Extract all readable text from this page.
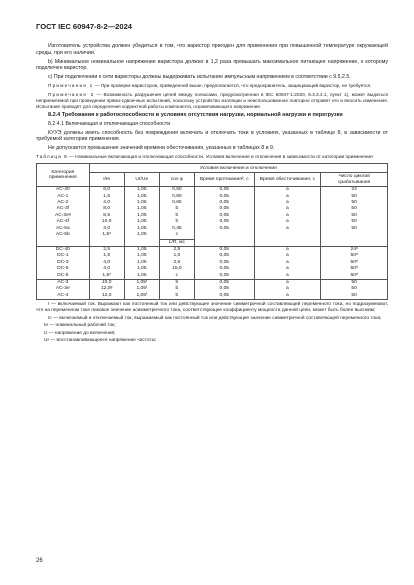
ГОСТ IEC 60947-8-2—2024

Изготовитель устройства должен убедиться в том, что варистор пригоден для применения при повышенной температуре окружающей среды, при его наличии.

b) Минимальное номинальное напряжение варистора должно в 1,2 раза превышать максимальное питающее напряжение, к которому подключен варистор.

c) При подключении к сети варисторы должны выдерживать испытание импульсным напряжением в соответствии с 9.5.2.5.

Примечание 1 — При проверке варисторов, приведенной выше, предполагается, что предохранитель, защищающий варистор, не требуется.

Примечание 2 — Возможность разрушения цепей между полюсами, предусмотренная в IEC 60947-1:2020, 8.3.3.4.1, пункт 1), может выдаться неприемлемой при проведении прямо-сдвоечных испытаний, поскольку устройство изоляции и неиспользованное повторно отправят его и вносить изменения. Испытание проводят для определения корректной работы компонента, ограничивающего напряжение.

8.2.4 Требования к работоспособности в условиях отсутствия нагрузки, нормальной нагрузки и перегрузки

8.2.4.1 Включающая и отключающая способности

КУУЭ должны иметь способность без повреждения включать и отключать токи в условиях, указанных в таблице 8, в зависимости от требуемой категории применения.

Не допускается превышение значений времени обесточивания, указанных в таблицах 8 и 9.

Таблица 8 — Номинальные включающая и отключающая способности. Условия включения и отключения в зависимости от категории применения
Категория применения	Условия включения и отключения					
	I/Ie	Ur/Ue	cos φ	Время протекания², с	Время обесточивания, с	Число циклов срабатывания
AC-40	6,0	1,05	0,50	0,05	a	24
AC-1	1,5	1,05	0,80	0,05	a	50
AC-2	4,0	1,05	0,65	0,05	a	50
AC-3f	8,0	1,05	b	0,05	a	50
AC-3eᵍ	8,5	1,05	b	0,05	a	50
AC-4f	10,0	1,05	b	0,05	a	50
AC-5a	3,0	1,05	0,45	0,05	a	50
AC-5b	1,5ᶜ	1,05	c			
			L/R, мс			
DC-40	2,5	1,05	2,5	0,05	a	24ᵈ
DC-1	1,5	1,05	1,0	0,05	a	50ᵈ
DC-3	4,0	1,05	2,5	0,05	a	50ᵈ
DC-5	4,0	1,05	15,0	0,05	a	50ᵈ
DC-6	1,5ᶜ	1,05	c	0,05	a	50ᵈ
AC-3	10,0	1,05ᶠ	b	0,05	a	50
AC-3e	12,0ᵍ	1,05ᶠ	b	0,05	a	50
AC-4	12,0	1,05ᶠ	b	0,05	a	50

I — включаемый ток. Выражают как постоянный ток или действующее значение симметричной составляющей переменного тока, но подразумевают, что на переменном токе пиковое значение асимметричного тока, соответствующее коэффициенту мощности данной цепи, может быть более высоким;

Iс — включаемый и отключаемый ток, выражаемый как постоянный ток или действующее значение симметричной составляющей переменного тока;

Ie — номинальный рабочий ток;

U — напряжение до включения;

Ur — восстанавливающееся напряжение частоты;

26
